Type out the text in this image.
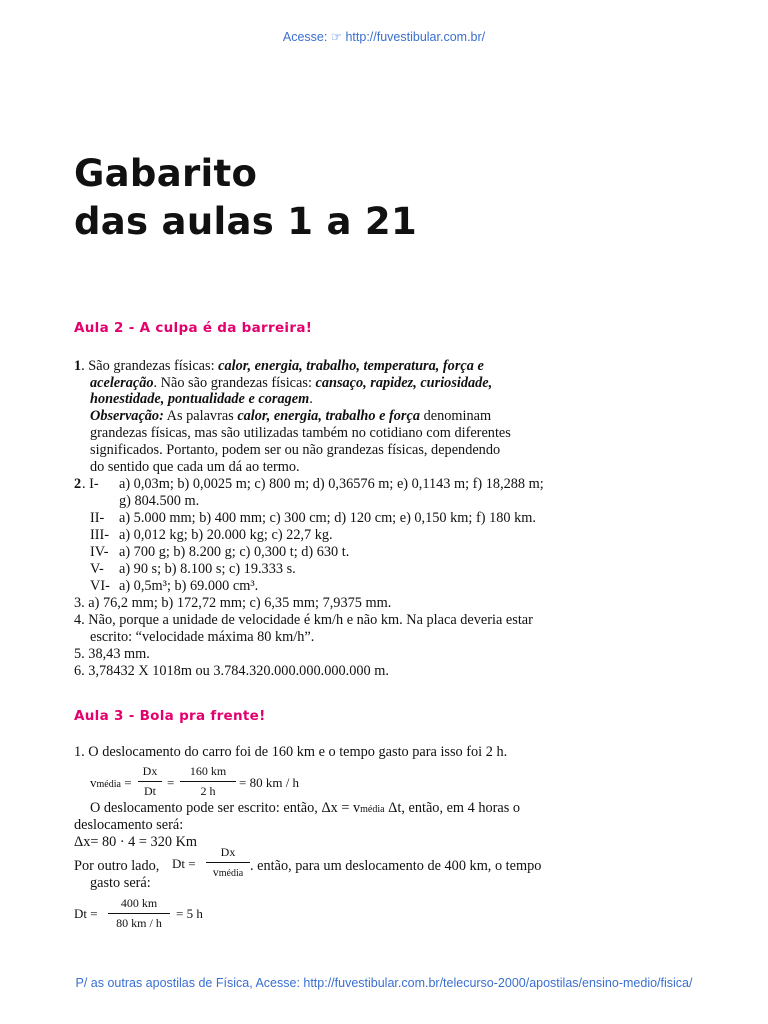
Acesse: ☞ http://fuvestibular.com.br/
Gabarito
das aulas 1 a 21
Aula 2 - A culpa é da barreira!
1. São grandezas físicas: calor, energia, trabalho, temperatura, força e
aceleração. Não são grandezas físicas: cansaço, rapidez, curiosidade,
honestidade, pontualidade e coragem.
Observação: As palavras calor, energia, trabalho e força denominam
grandezas físicas, mas são utilizadas também no cotidiano com diferentes
significados. Portanto, podem ser ou não grandezas físicas, dependendo
do sentido que cada um dá ao termo.
2 . I- a) 0,03m; b) 0,0025 m; c) 800 m; d) 0,36576 m; e) 0,1143 m; f) 18,288 m;
g) 804.500 m.
II- a) 5.000 mm; b) 400 mm; c) 300 cm; d) 120 cm; e) 0,150 km; f) 180 km.
III- a) 0,012 kg; b) 20.000 kg; c) 22,7 kg.
IV- a) 700 g; b) 8.200 g; c) 0,300 t; d) 630 t.
V- a) 90 s; b) 8.100 s; c) 19.333 s.
VI- a) 0,5m³; b) 69.000 cm³.
3. a) 76,2 mm; b) 172,72 mm; c) 6,35 mm; 7,9375 mm.
4. Não, porque a unidade de velocidade é km/h e não km. Na placa deveria estar
escrito: “velocidade máxima 80 km/h”.
5. 38,43 mm.
6. 3,78432 X 1018m ou 3.784.320.000.000.000.000 m.
Aula 3 - Bola pra frente!
1. O deslocamento do carro foi de 160 km e o tempo gasto para isso foi 2 h.
vmédia =
Dx
Dt
=
160 km
2 h
= 80 km / h
O deslocamento pode ser escrito: então, Δx = vmédia Δt, então, em 4 horas o
deslocamento será:
Δx= 80 · 4 = 320 Km
Por outro lado, Dt =
Dx
vmédia . então, para um deslocamento de 400 km, o tempo
gasto será:
Dt =
400 km
80 km / h
= 5 h
P/ as outras apostilas de Física, Acesse: http://fuvestibular.com.br/telecurso-2000/apostilas/ensino-medio/fisica/
